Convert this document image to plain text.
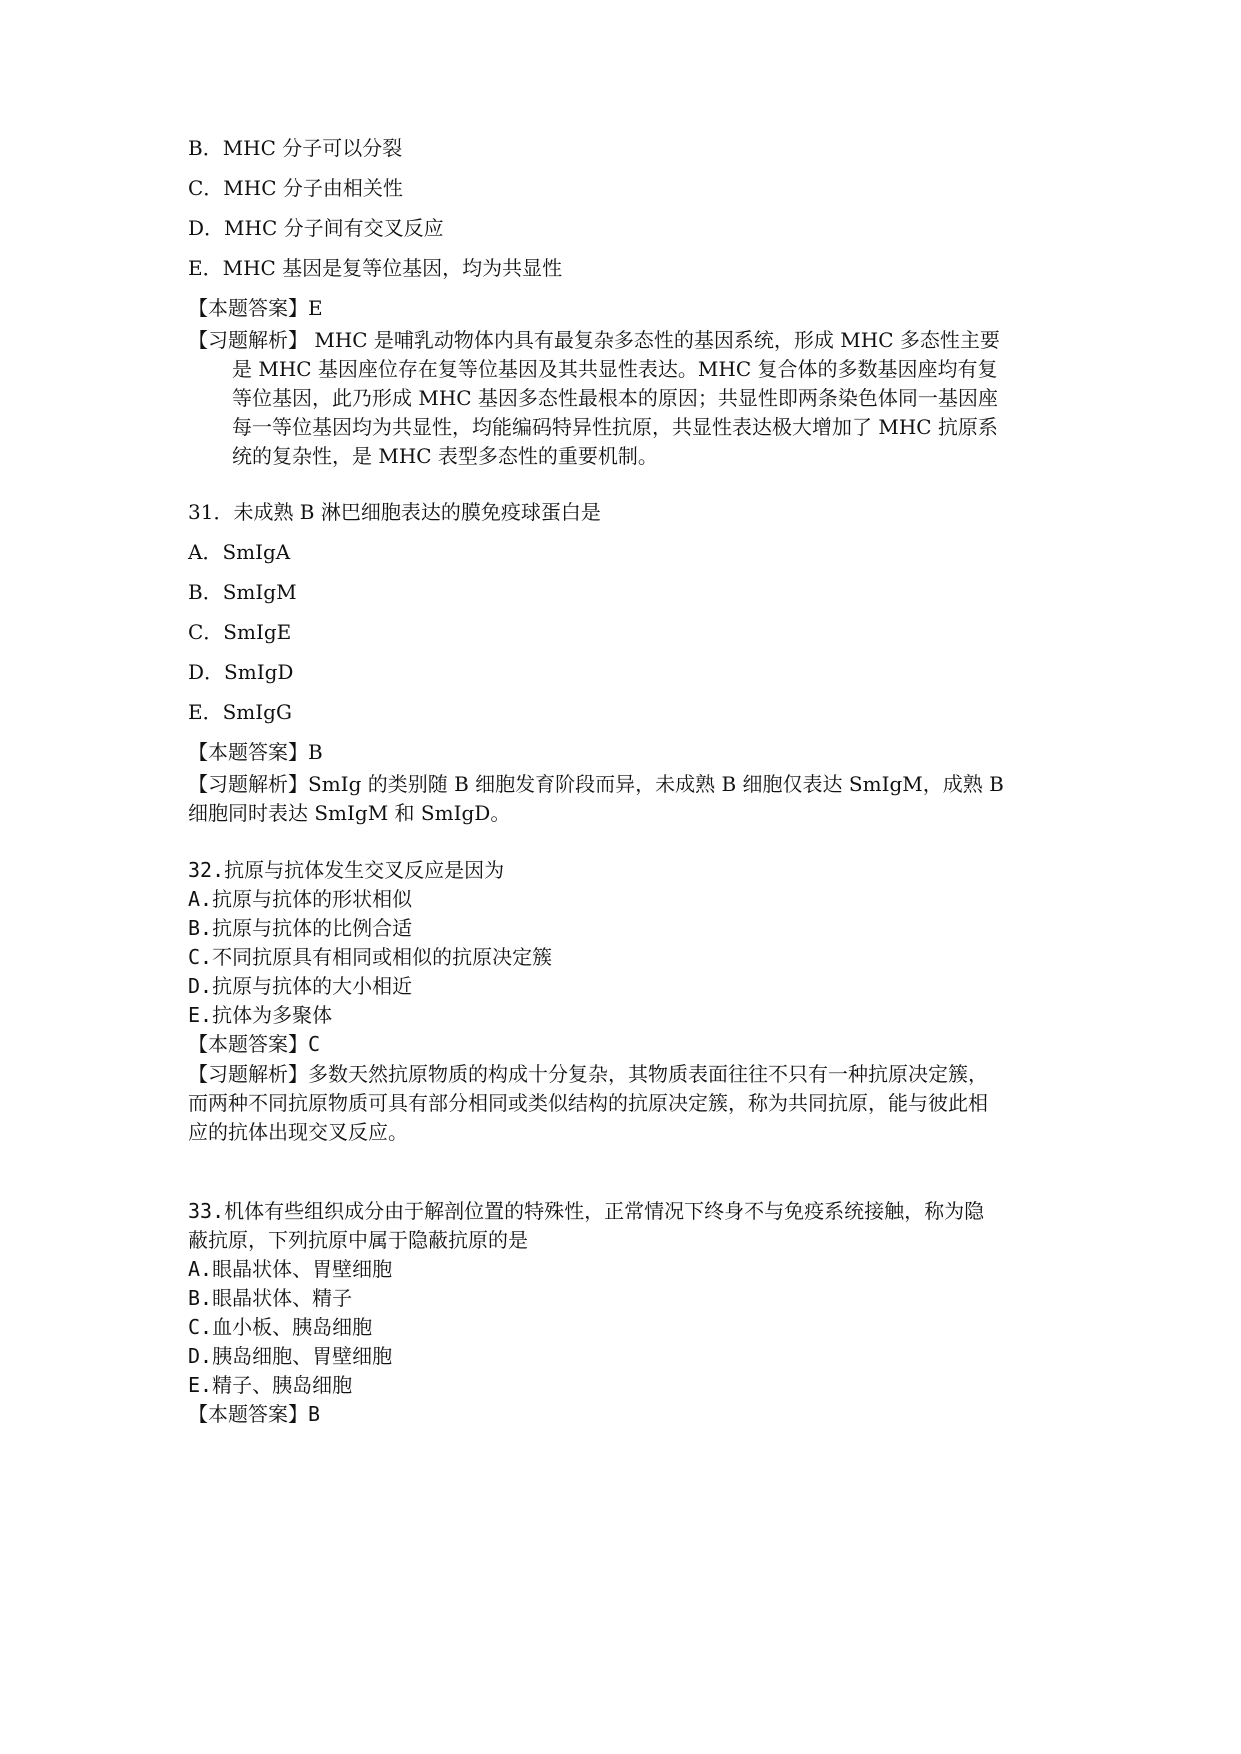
B．MHC 分子可以分裂
C．MHC 分子由相关性
D．MHC 分子间有交叉反应
E．MHC 基因是复等位基因，均为共显性
【本题答案】E
【习题解析】 MHC 是哺乳动物体内具有最复杂多态性的基因系统，形成 MHC 多态性主要
是 MHC 基因座位存在复等位基因及其共显性表达。MHC 复合体的多数基因座均有复
等位基因，此乃形成 MHC 基因多态性最根本的原因；共显性即两条染色体同一基因座
每一等位基因均为共显性，均能编码特异性抗原，共显性表达极大增加了 MHC 抗原系
统的复杂性，是 MHC 表型多态性的重要机制。
31．未成熟 B 淋巴细胞表达的膜免疫球蛋白是
A．SmIgA
B．SmIgM
C．SmIgE
D．SmIgD
E．SmIgG
【本题答案】B
【习题解析】SmIg 的类别随 B 细胞发育阶段而异，未成熟 B 细胞仅表达 SmIgM，成熟 B
细胞同时表达 SmIgM 和 SmIgD。
32.抗原与抗体发生交叉反应是因为
A.抗原与抗体的形状相似
B.抗原与抗体的比例合适
C.不同抗原具有相同或相似的抗原决定簇
D.抗原与抗体的大小相近
E.抗体为多聚体
【本题答案】C
【习题解析】多数天然抗原物质的构成十分复杂，其物质表面往往不只有一种抗原决定簇，
而两种不同抗原物质可具有部分相同或类似结构的抗原决定簇，称为共同抗原，能与彼此相
应的抗体出现交叉反应。
33.机体有些组织成分由于解剖位置的特殊性，正常情况下终身不与免疫系统接触，称为隐
蔽抗原，下列抗原中属于隐蔽抗原的是
A.眼晶状体、胃壁细胞
B.眼晶状体、精子
C.血小板、胰岛细胞
D.胰岛细胞、胃壁细胞
E.精子、胰岛细胞
【本题答案】B
